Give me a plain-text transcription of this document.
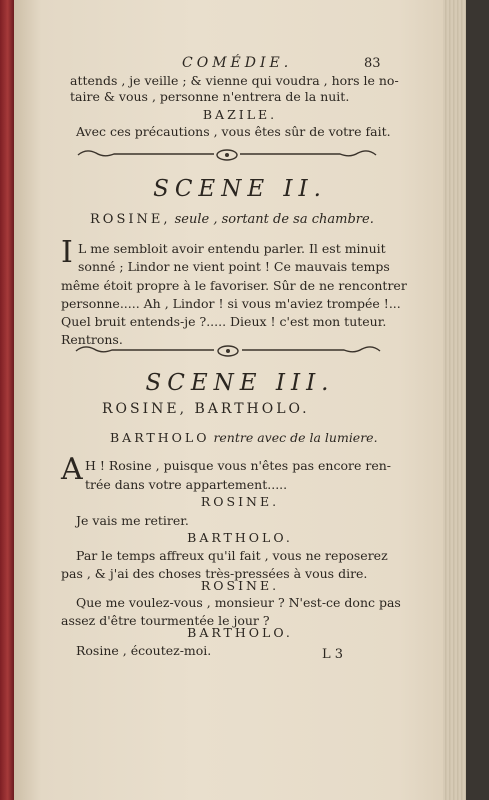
COMÉDIE.	83
attends , je veille ; & vienne qui voudra , hors le no-
taire & vous , personne n'entrera de la nuit.
BAZILE.
Avec ces précautions , vous êtes sûr de votre fait.
SCENE II.
ROSINE, seule , sortant de sa chambre.
I L me sembloit avoir entendu parler. Il est minuit
sonné ; Lindor ne vient point ! Ce mauvais temps
même étoit propre à le favoriser. Sûr de ne rencontrer
personne..... Ah , Lindor ! si vous m'aviez trompée !...
Quel bruit entends-je ?..... Dieux ! c'est mon tuteur.
Rentrons.
SCENE III.
ROSINE, BARTHOLO.
BARTHOLO rentre avec de la lumiere.
A H ! Rosine , puisque vous n'êtes pas encore ren-
trée dans votre appartement.....
ROSINE.
Je vais me retirer.
BARTHOLO.
Par le temps affreux qu'il fait , vous ne reposerez
pas , & j'ai des choses très-pressées à vous dire.
ROSINE.
Que me voulez-vous , monsieur ? N'est-ce donc pas
assez d'être tourmentée le jour ?
BARTHOLO.
Rosine , écoutez-moi.	L 3
